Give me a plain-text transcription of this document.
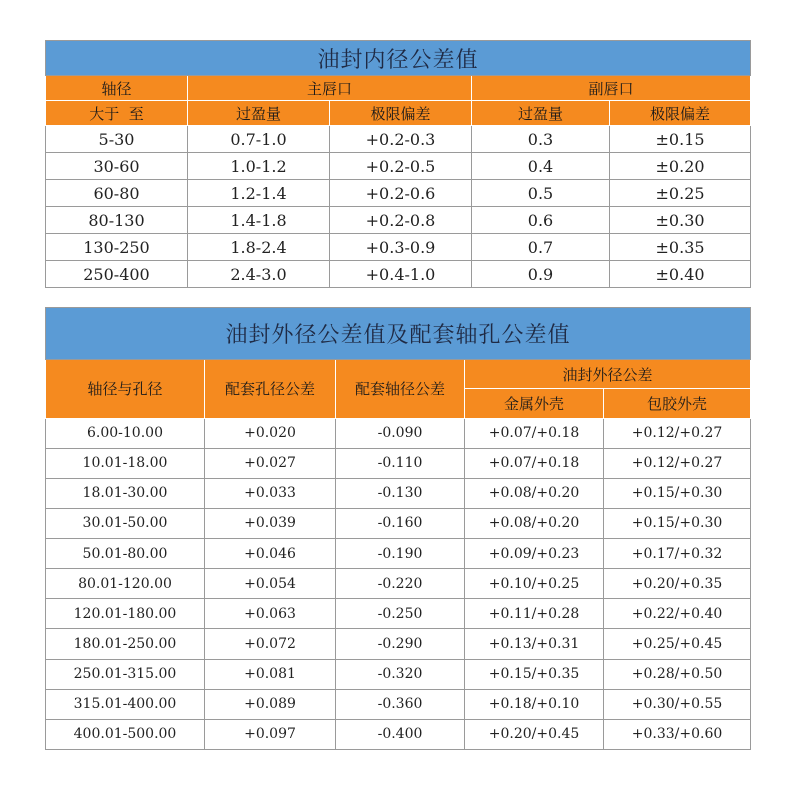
油封内径公差值				
轴径	主唇口		副唇口	
大于  至	过盈量	极限偏差	过盈量	极限偏差
5-30	0.7-1.0	+0.2-0.3	0.3	±0.15
30-60	1.0-1.2	+0.2-0.5	0.4	±0.20
60-80	1.2-1.4	+0.2-0.6	0.5	±0.25
80-130	1.4-1.8	+0.2-0.8	0.6	±0.30
130-250	1.8-2.4	+0.3-0.9	0.7	±0.35
250-400	2.4-3.0	+0.4-1.0	0.9	±0.40
油封外径公差值及配套轴孔公差值				
轴径与孔径	配套孔径公差	配套轴径公差	油封外径公差	
			金属外壳	包胶外壳
6.00-10.00	+0.020	-0.090	+0.07/+0.18	+0.12/+0.27
10.01-18.00	+0.027	-0.110	+0.07/+0.18	+0.12/+0.27
18.01-30.00	+0.033	-0.130	+0.08/+0.20	+0.15/+0.30
30.01-50.00	+0.039	-0.160	+0.08/+0.20	+0.15/+0.30
50.01-80.00	+0.046	-0.190	+0.09/+0.23	+0.17/+0.32
80.01-120.00	+0.054	-0.220	+0.10/+0.25	+0.20/+0.35
120.01-180.00	+0.063	-0.250	+0.11/+0.28	+0.22/+0.40
180.01-250.00	+0.072	-0.290	+0.13/+0.31	+0.25/+0.45
250.01-315.00	+0.081	-0.320	+0.15/+0.35	+0.28/+0.50
315.01-400.00	+0.089	-0.360	+0.18/+0.10	+0.30/+0.55
400.01-500.00	+0.097	-0.400	+0.20/+0.45	+0.33/+0.60
